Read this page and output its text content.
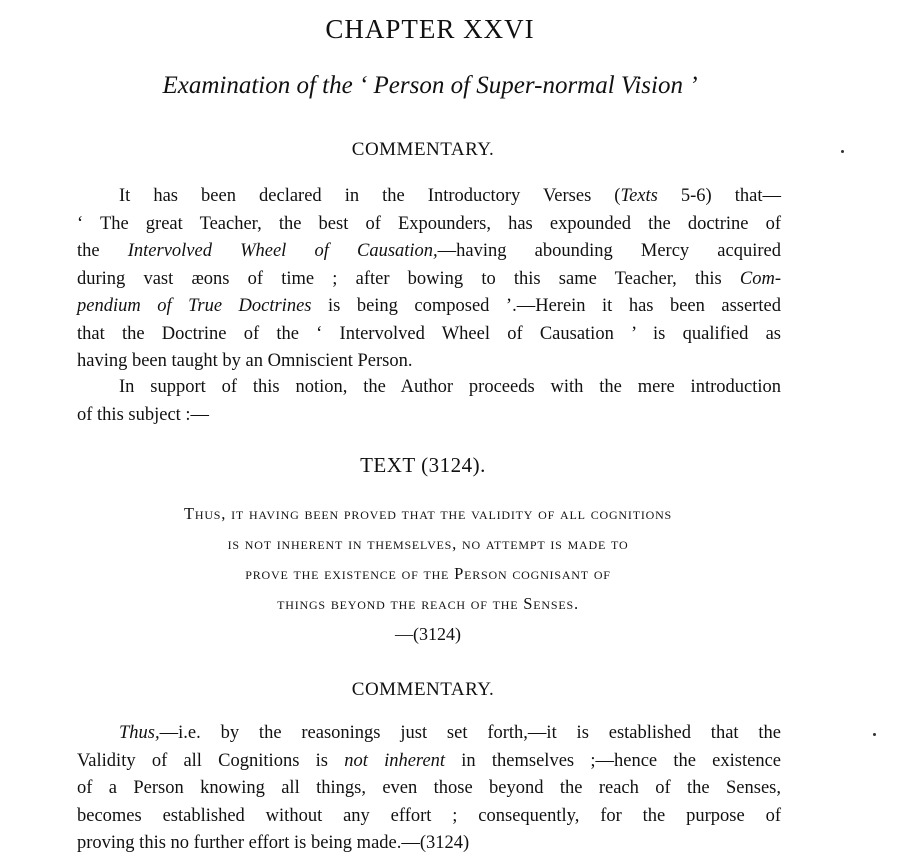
CHAPTER XXVI
Examination of the ‘ Person of Super-normal Vision ’
COMMENTARY.
It has been declared in the Introductory Verses (Texts 5-6) that—
‘ The great Teacher, the best of Expounders, has expounded the doctrine of
the Intervolved Wheel of Causation,—having abounding Mercy acquired
during vast æons of time ; after bowing to this same Teacher, this Com-
pendium of True Doctrines is being composed ’.—Herein it has been asserted
that the Doctrine of the ‘ Intervolved Wheel of Causation ’ is qualified as
having been taught by an Omniscient Person.
In support of this notion, the Author proceeds with the mere introduction
of this subject :—
TEXT (3124).
Thus, it having been proved that the validity of all cognitions
is not inherent in themselves, no attempt is made to
prove the existence of the Person cognisant of
things beyond the reach of the Senses.
—(3124)
COMMENTARY.
Thus,—i.e. by the reasonings just set forth,—it is established that the
Validity of all Cognitions is not inherent in themselves ;—hence the existence
of a Person knowing all things, even those beyond the reach of the Senses,
becomes established without any effort ; consequently, for the purpose of
proving this no further effort is being made.—(3124)
